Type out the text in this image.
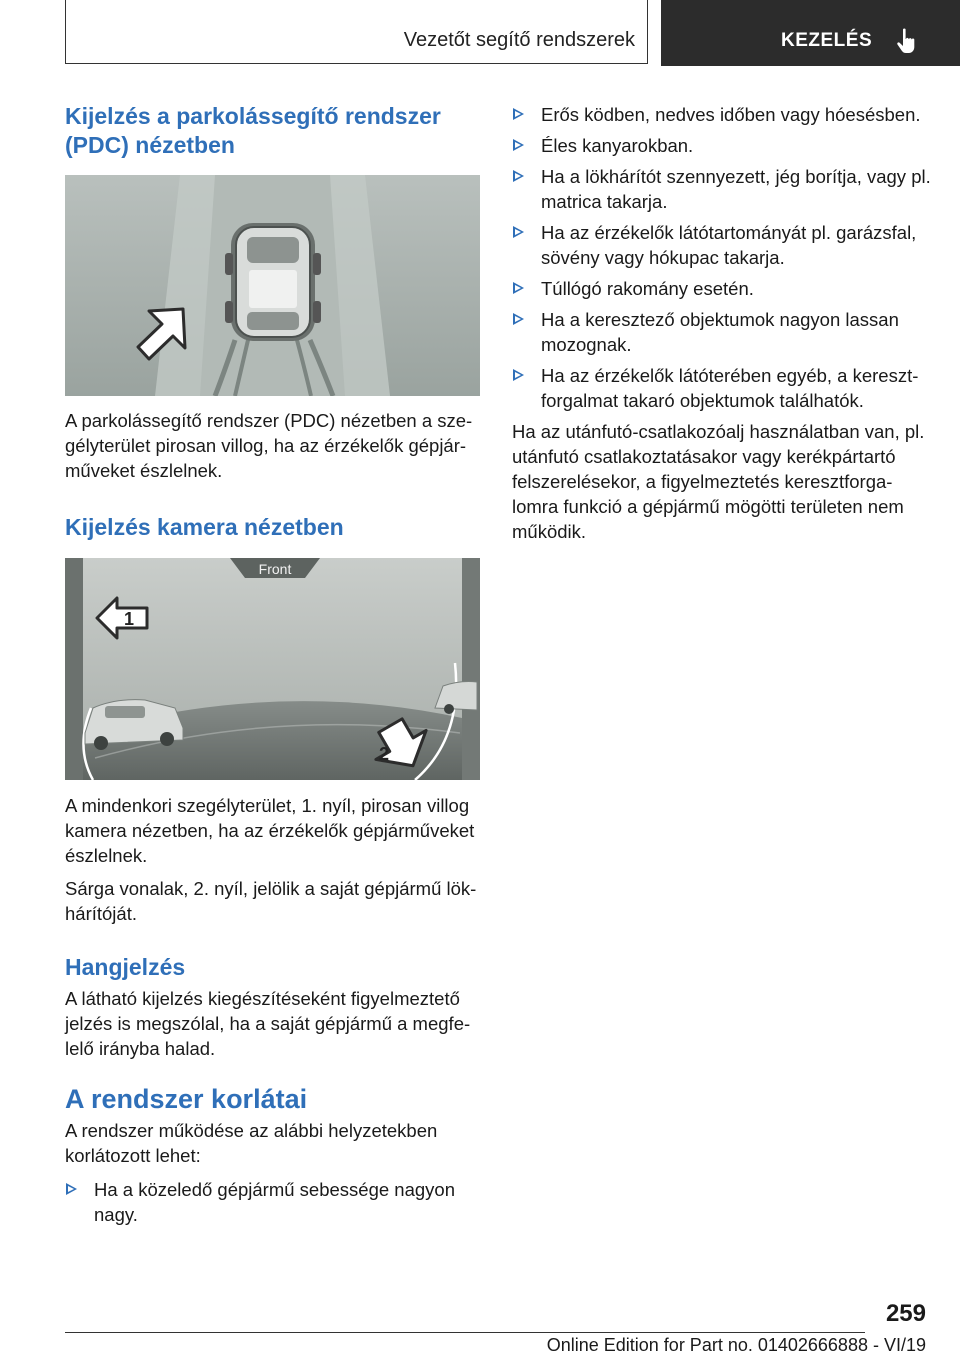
Vezetőt segítő rendszerek	KEZELÉS
Kijelzés a parkolássegítő rendszer (PDC) nézetben

A parkolássegítő rendszer (PDC) nézetben a szegélyterület pirosan villog, ha az érzékelők gépjárműveket észlelnek.

Kijelzés kamera nézetben
Front
1
2

A mindenkori szegélyterület, 1. nyíl, pirosan villog kamera nézetben, ha az érzékelők gépjárműveket észlelnek.

Sárga vonalak, 2. nyíl, jelölik a saját gépjármű lökhárítóját.

Hangjelzés

A látható kijelzés kiegészítéseként figyelmeztető jelzés is megszólal, ha a saját gépjármű a megfelelő irányba halad.

A rendszer korlátai

A rendszer működése az alábbi helyzetekben korlátozott lehet:

Ha a közeledő gépjármű sebessége nagyon nagy.
Erős ködben, nedves időben vagy hóesésben.
Éles kanyarokban.
Ha a lökhárítót szennyezett, jég borítja, vagy pl. matrica takarja.
Ha az érzékelők látótartományát pl. garázsfal, sövény vagy hókupac takarja.
Túllógó rakomány esetén.
Ha a keresztező objektumok nagyon lassan mozognak.
Ha az érzékelők látóterében egyéb, a keresztforgalmat takaró objektumok találhatók.

Ha az utánfutó-csatlakozóalj használatban van, pl. utánfutó csatlakoztatásakor vagy kerékpártartó felszerelésekor, a figyelmeztetés keresztforgalomra funkció a gépjármű mögötti területen nem működik.

259
Online Edition for Part no. 01402666888 - VI/19
